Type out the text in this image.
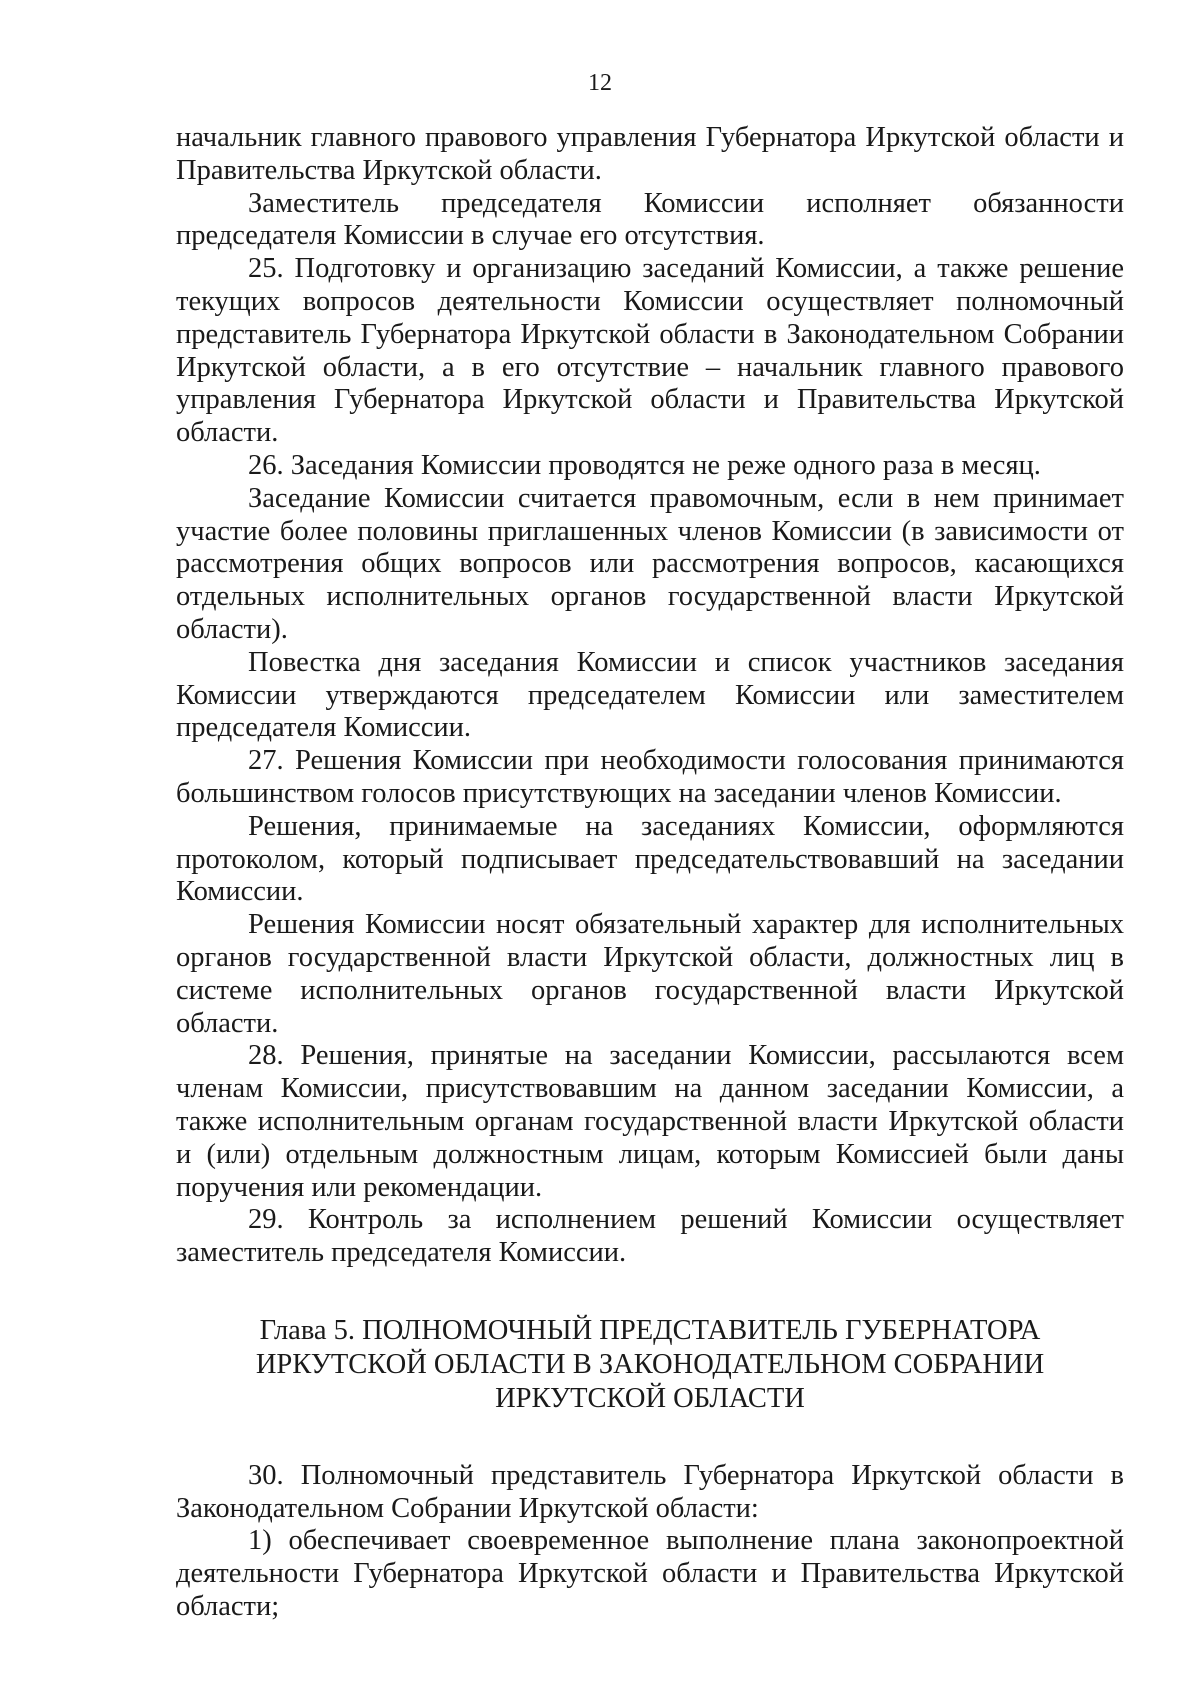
12

начальник главного правового управления Губернатора Иркутской области и Правительства Иркутской области.

Заместитель председателя Комиссии исполняет обязанности председателя Комиссии в случае его отсутствия.

25. Подготовку и организацию заседаний Комиссии, а также решение текущих вопросов деятельности Комиссии осуществляет полномочный представитель Губернатора Иркутской области в Законодательном Собрании Иркутской области, а в его отсутствие – начальник главного правового управления Губернатора Иркутской области и Правительства Иркутской области.

26. Заседания Комиссии проводятся не реже одного раза в месяц.

Заседание Комиссии считается правомочным, если в нем принимает участие более половины приглашенных членов Комиссии (в зависимости от рассмотрения общих вопросов или рассмотрения вопросов, касающихся отдельных исполнительных органов государственной власти Иркутской области).

Повестка дня заседания Комиссии и список участников заседания Комиссии утверждаются председателем Комиссии или заместителем председателя Комиссии.

27. Решения Комиссии при необходимости голосования принимаются большинством голосов присутствующих на заседании членов Комиссии.

Решения, принимаемые на заседаниях Комиссии, оформляются протоколом, который подписывает председательствовавший на заседании Комиссии.

Решения Комиссии носят обязательный характер для исполнительных органов государственной власти Иркутской области, должностных лиц в системе исполнительных органов государственной власти Иркутской области.

28. Решения, принятые на заседании Комиссии, рассылаются всем членам Комиссии, присутствовавшим на данном заседании Комиссии, а также исполнительным органам государственной власти Иркутской области и (или) отдельным должностным лицам, которым Комиссией были даны поручения или рекомендации.

29. Контроль за исполнением решений Комиссии осуществляет заместитель председателя Комиссии.

Глава 5. ПОЛНОМОЧНЫЙ ПРЕДСТАВИТЕЛЬ ГУБЕРНАТОРА
ИРКУТСКОЙ ОБЛАСТИ В ЗАКОНОДАТЕЛЬНОМ СОБРАНИИ
ИРКУТСКОЙ ОБЛАСТИ

30. Полномочный представитель Губернатора Иркутской области в Законодательном Собрании Иркутской области:

1) обеспечивает своевременное выполнение плана законопроектной деятельности Губернатора Иркутской области и Правительства Иркутской области;
